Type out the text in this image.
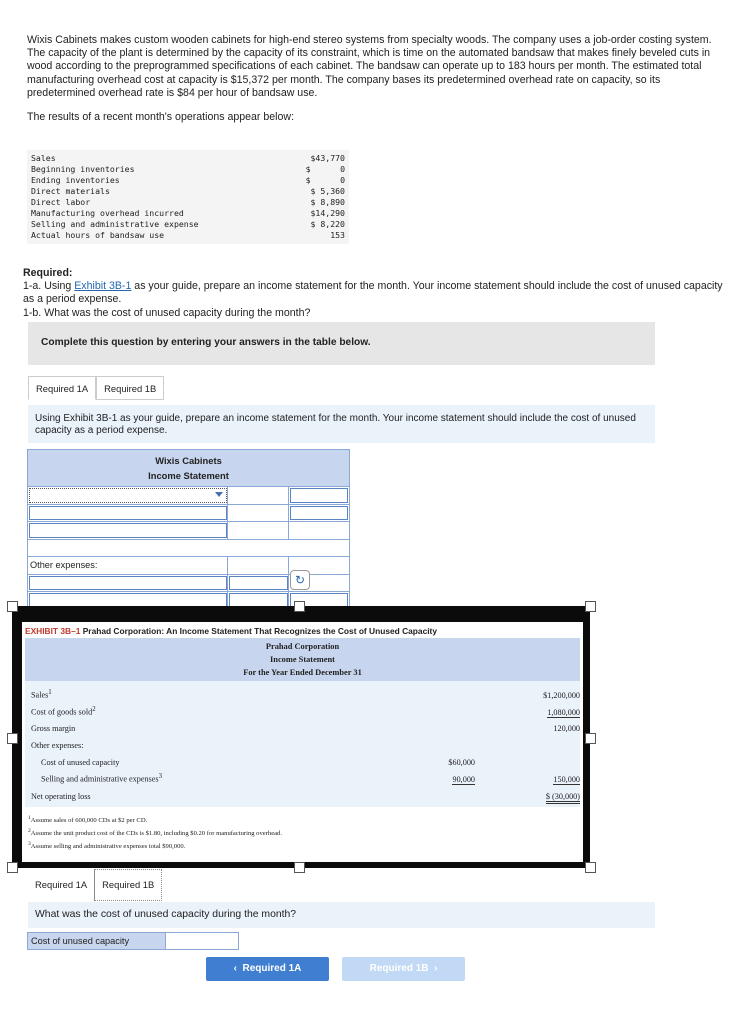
Wixis Cabinets makes custom wooden cabinets for high-end stereo systems from specialty woods. The company uses a job-order costing system. The capacity of the plant is determined by the capacity of its constraint, which is time on the automated bandsaw that makes finely beveled cuts in wood according to the preprogrammed specifications of each cabinet. The bandsaw can operate up to 183 hours per month. The estimated total manufacturing overhead cost at capacity is $15,372 per month. The company bases its predetermined overhead rate on capacity, so its predetermined overhead rate is $84 per hour of bandsaw use.

The results of a recent month's operations appear below:

Sales	$43,770
Beginning inventories	$      0
Ending inventories	$      0
Direct materials	$ 5,360
Direct labor	$ 8,890
Manufacturing overhead incurred	$14,290
Selling and administrative expense	$ 8,220
Actual hours of bandsaw use	153

Required:

1-a. Using Exhibit 3B-1 as your guide, prepare an income statement for the month. Your income statement should include the cost of unused capacity as a period expense.

1-b. What was the cost of unused capacity during the month?

Complete this question by entering your answers in the table below.
Required 1A	Required 1B
Using Exhibit 3B-1 as your guide, prepare an income statement for the month. Your income statement should include the cost of unused capacity as a period expense.
Wixis Cabinets
Income Statement
Other expenses:
↻
EXHIBIT 3B–1 Prahad Corporation: An Income Statement That Recognizes the Cost of Unused Capacity
Prahad Corporation
Income Statement
For the Year Ended December 31
Sales$^1$	$1,200,000
Cost of goods sold$^2$	1,080,000
Gross margin	120,000
Other expenses:
Cost of unused capacity	$60,000
Selling and administrative expenses$^3$	90,000	150,000
Net operating loss	$ (30,000)
$^1$Assume sales of 600,000 CDs at $2 per CD.
$^2$Assume the unit product cost of the CDs is $1.80, including $0.20 for manufacturing overhead.
$^3$Assume selling and administrative expenses total $90,000.
Required 1A	Required 1B
What was the cost of unused capacity during the month?
Cost of unused capacity
‹ Required 1A	Required 1B ›
